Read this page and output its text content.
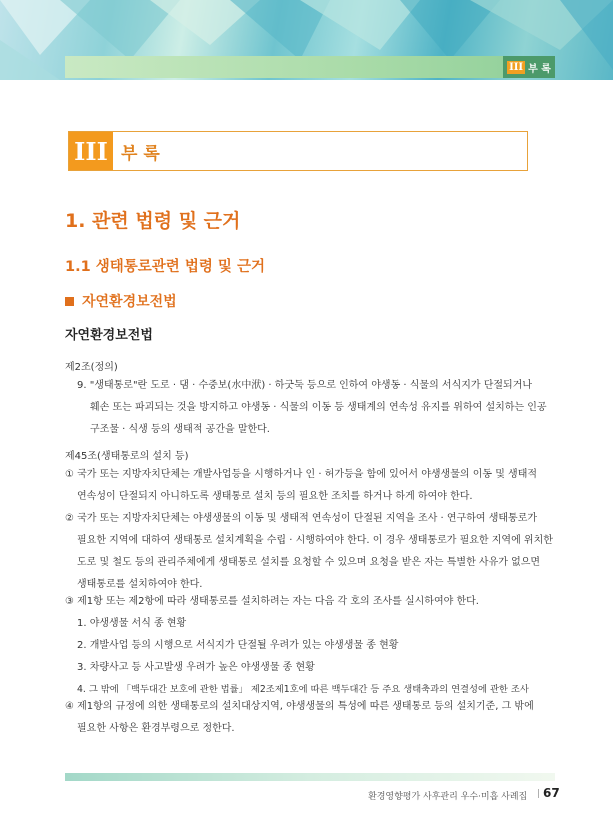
III 부 록
III 부 록
1. 관련 법령 및 근거
1.1 생태통로관련 법령 및 근거
자연환경보전법
자연환경보전법
제2조(정의)
9. "생태통로"란 도로 · 댐 · 수중보(水中洑) · 하굿둑 등으로 인하여 야생동 · 식물의 서식지가 단절되거나
훼손 또는 파괴되는 것을 방지하고 야생동 · 식물의 이동 등 생태계의 연속성 유지를 위하여 설치하는 인공
구조물 · 식생 등의 생태적 공간을 말한다.
제45조(생태통로의 설치 등)
① 국가 또는 지방자치단체는 개발사업등을 시행하거나 인 · 허가등을 함에 있어서 야생생물의 이동 및 생태적
연속성이 단절되지 아니하도록 생태통로 설치 등의 필요한 조치를 하거나 하게 하여야 한다.
② 국가 또는 지방자치단체는 야생생물의 이동 및 생태적 연속성이 단절된 지역을 조사 · 연구하여 생태통로가
필요한 지역에 대하여 생태통로 설치계획을 수립 · 시행하여야 한다. 이 경우 생태통로가 필요한 지역에 위치한
도로 및 철도 등의 관리주체에게 생태통로 설치를 요청할 수 있으며 요청을 받은 자는 특별한 사유가 없으면
생태통로를 설치하여야 한다.
③ 제1항 또는 제2항에 따라 생태통로를 설치하려는 자는 다음 각 호의 조사를 실시하여야 한다.
1. 야생생물 서식 종 현황
2. 개발사업 등의 시행으로 서식지가 단절될 우려가 있는 야생생물 종 현황
3. 차량사고 등 사고발생 우려가 높은 야생생물 종 현황
4. 그 밖에 「백두대간 보호에 관한 법률」 제2조제1호에 따른 백두대간 등 주요 생태축과의 연결성에 관한 조사
④ 제1항의 규정에 의한 생태통로의 설치대상지역, 야생생물의 특성에 따른 생태통로 등의 설치기준, 그 밖에
필요한 사항은 환경부령으로 정한다.
환경영향평가 사후관리 우수·미흡 사례집 | 67
